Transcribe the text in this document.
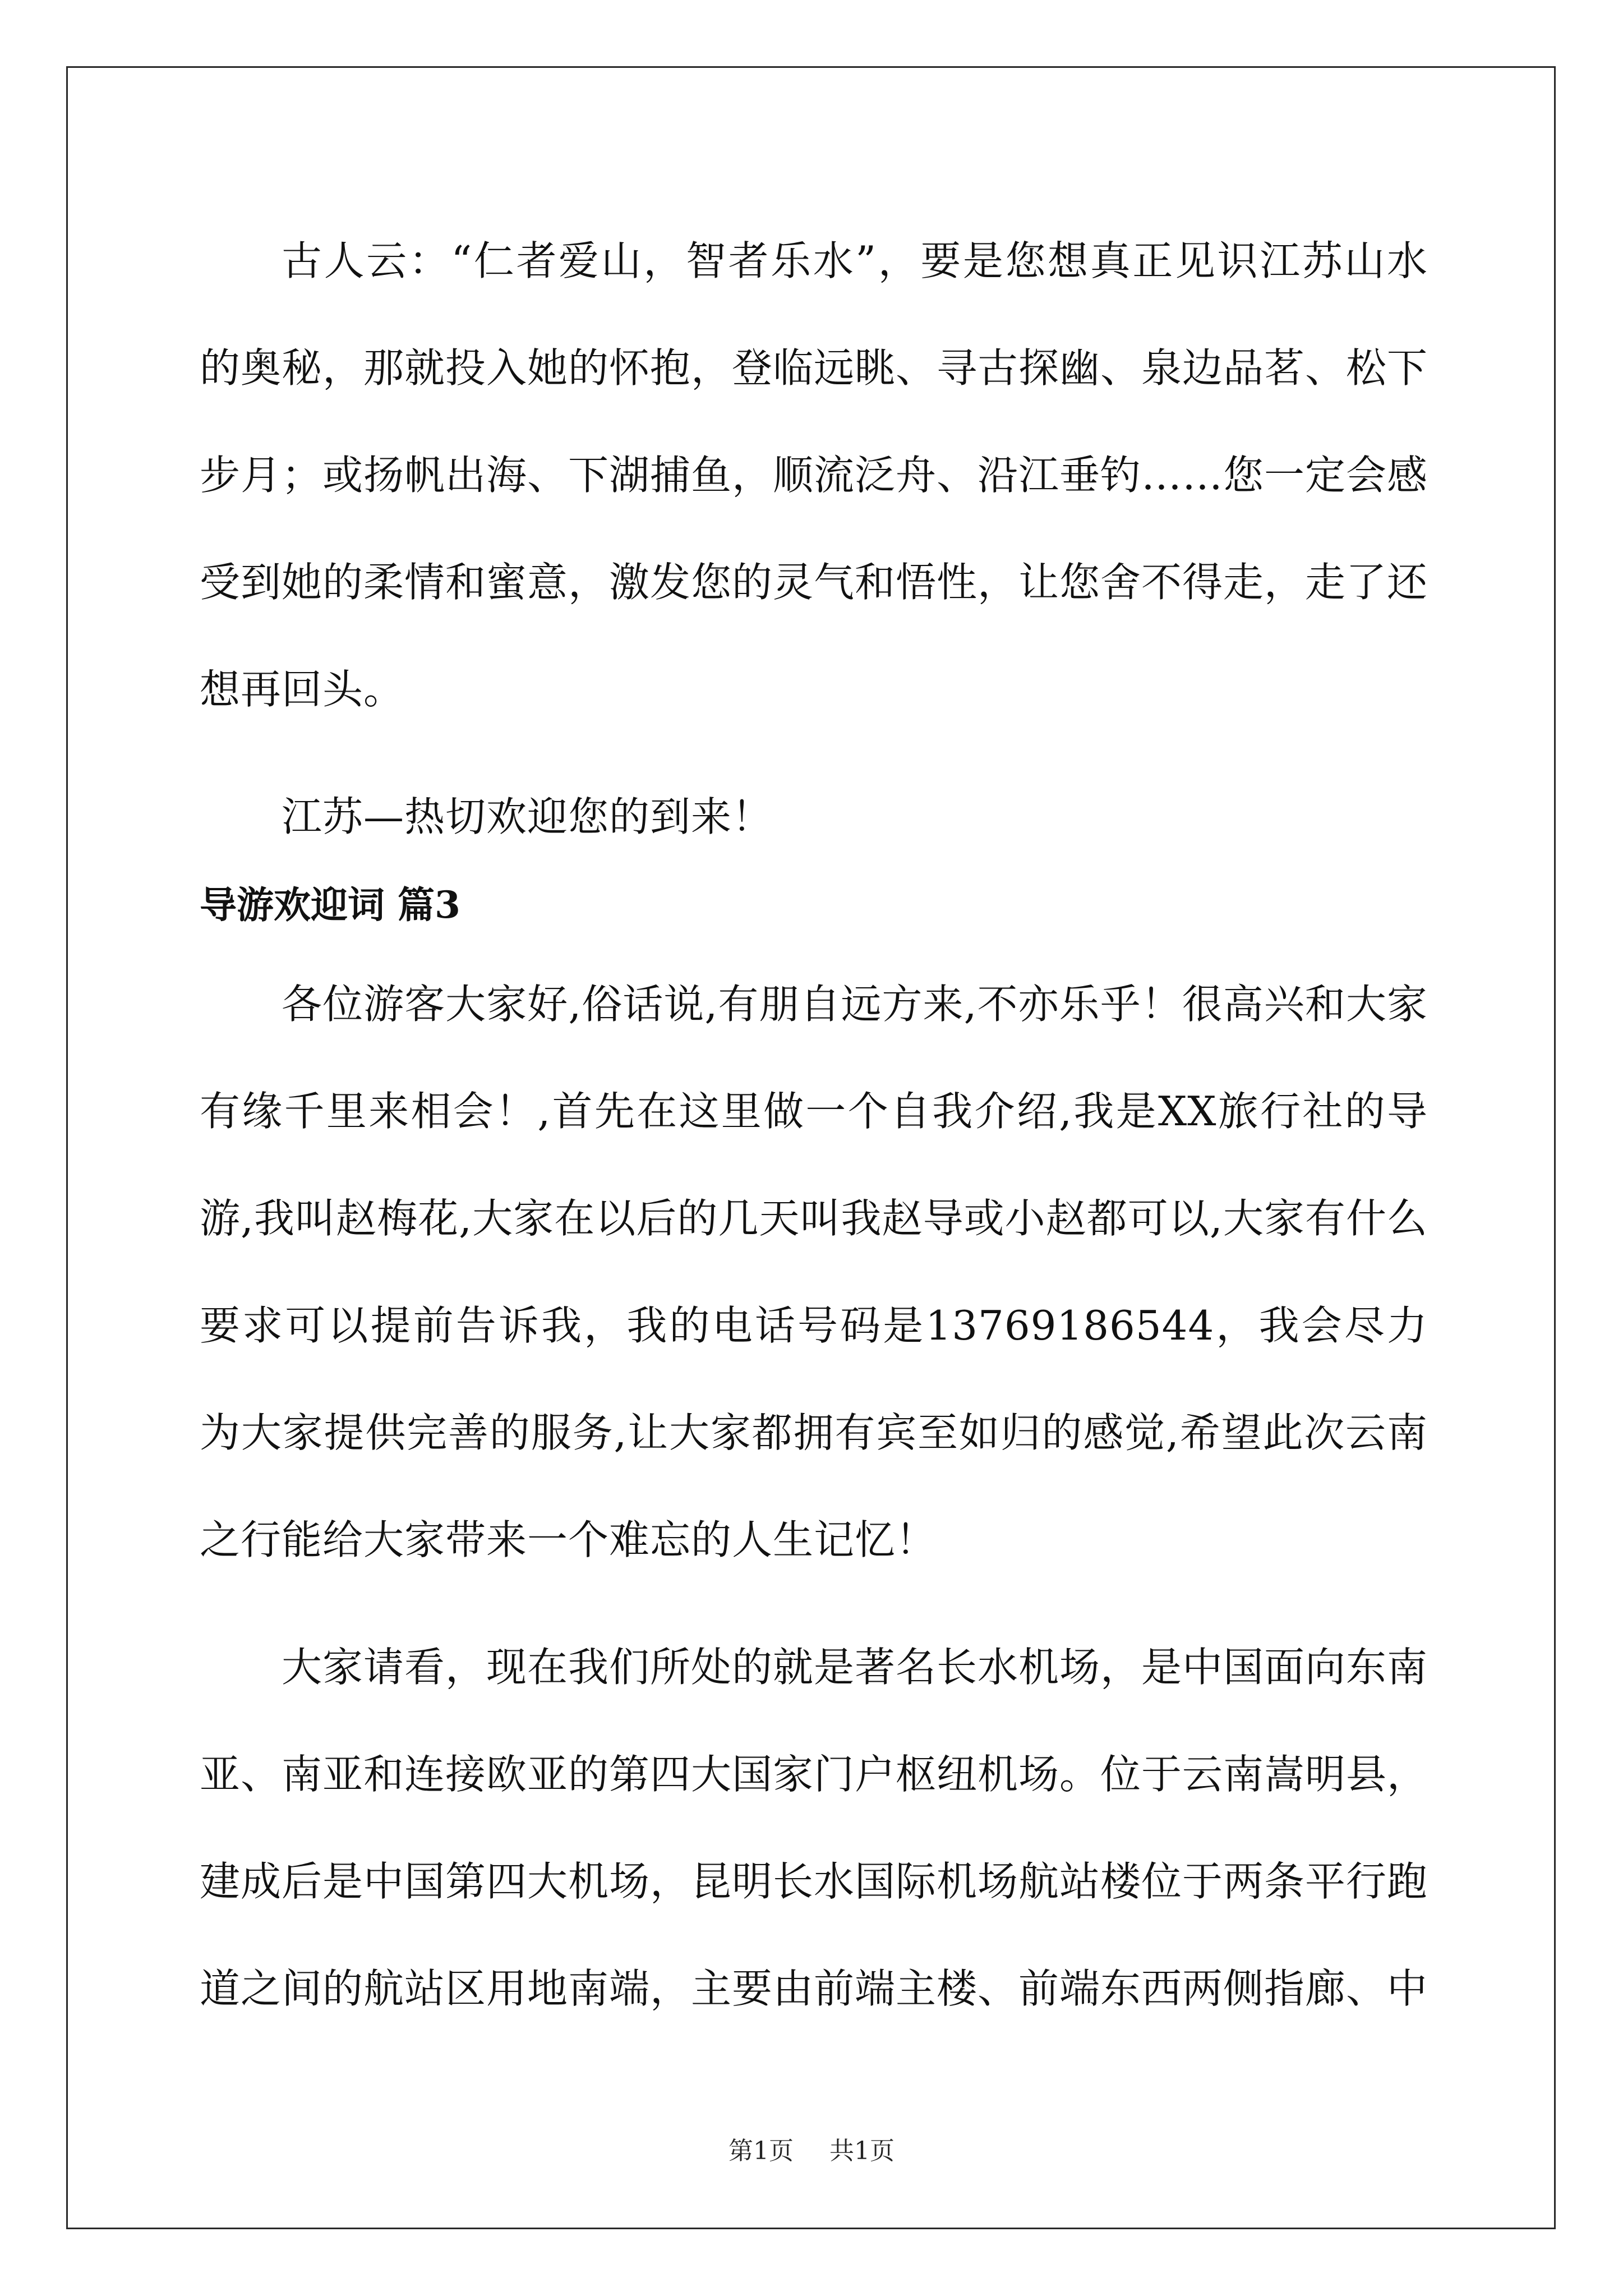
古人云：“仁者爱山，智者乐水”，要是您想真正见识江苏山水的奥秘，那就投入她的怀抱，登临远眺、寻古探幽、泉边品茗、松下步月；或扬帆出海、下湖捕鱼，顺流泛舟、沿江垂钓……您一定会感受到她的柔情和蜜意，激发您的灵气和悟性，让您舍不得走，走了还想再回头。

江苏—热切欢迎您的到来！

导游欢迎词 篇3

各位游客大家好,俗话说,有朋自远方来,不亦乐乎！很高兴和大家有缘千里来相会！,首先在这里做一个自我介绍,我是XX旅行社的导游,我叫赵梅花,大家在以后的几天叫我赵导或小赵都可以,大家有什么要求可以提前告诉我，我的电话号码是13769186544，我会尽力为大家提供完善的服务,让大家都拥有宾至如归的感觉,希望此次云南之行能给大家带来一个难忘的人生记忆！

大家请看，现在我们所处的就是著名长水机场，是中国面向东南亚、南亚和连接欧亚的第四大国家门户枢纽机场。位于云南嵩明县，建成后是中国第四大机场，昆明长水国际机场航站楼位于两条平行跑道之间的航站区用地南端，主要由前端主楼、前端东西两侧指廊、中

第1页 共1页
